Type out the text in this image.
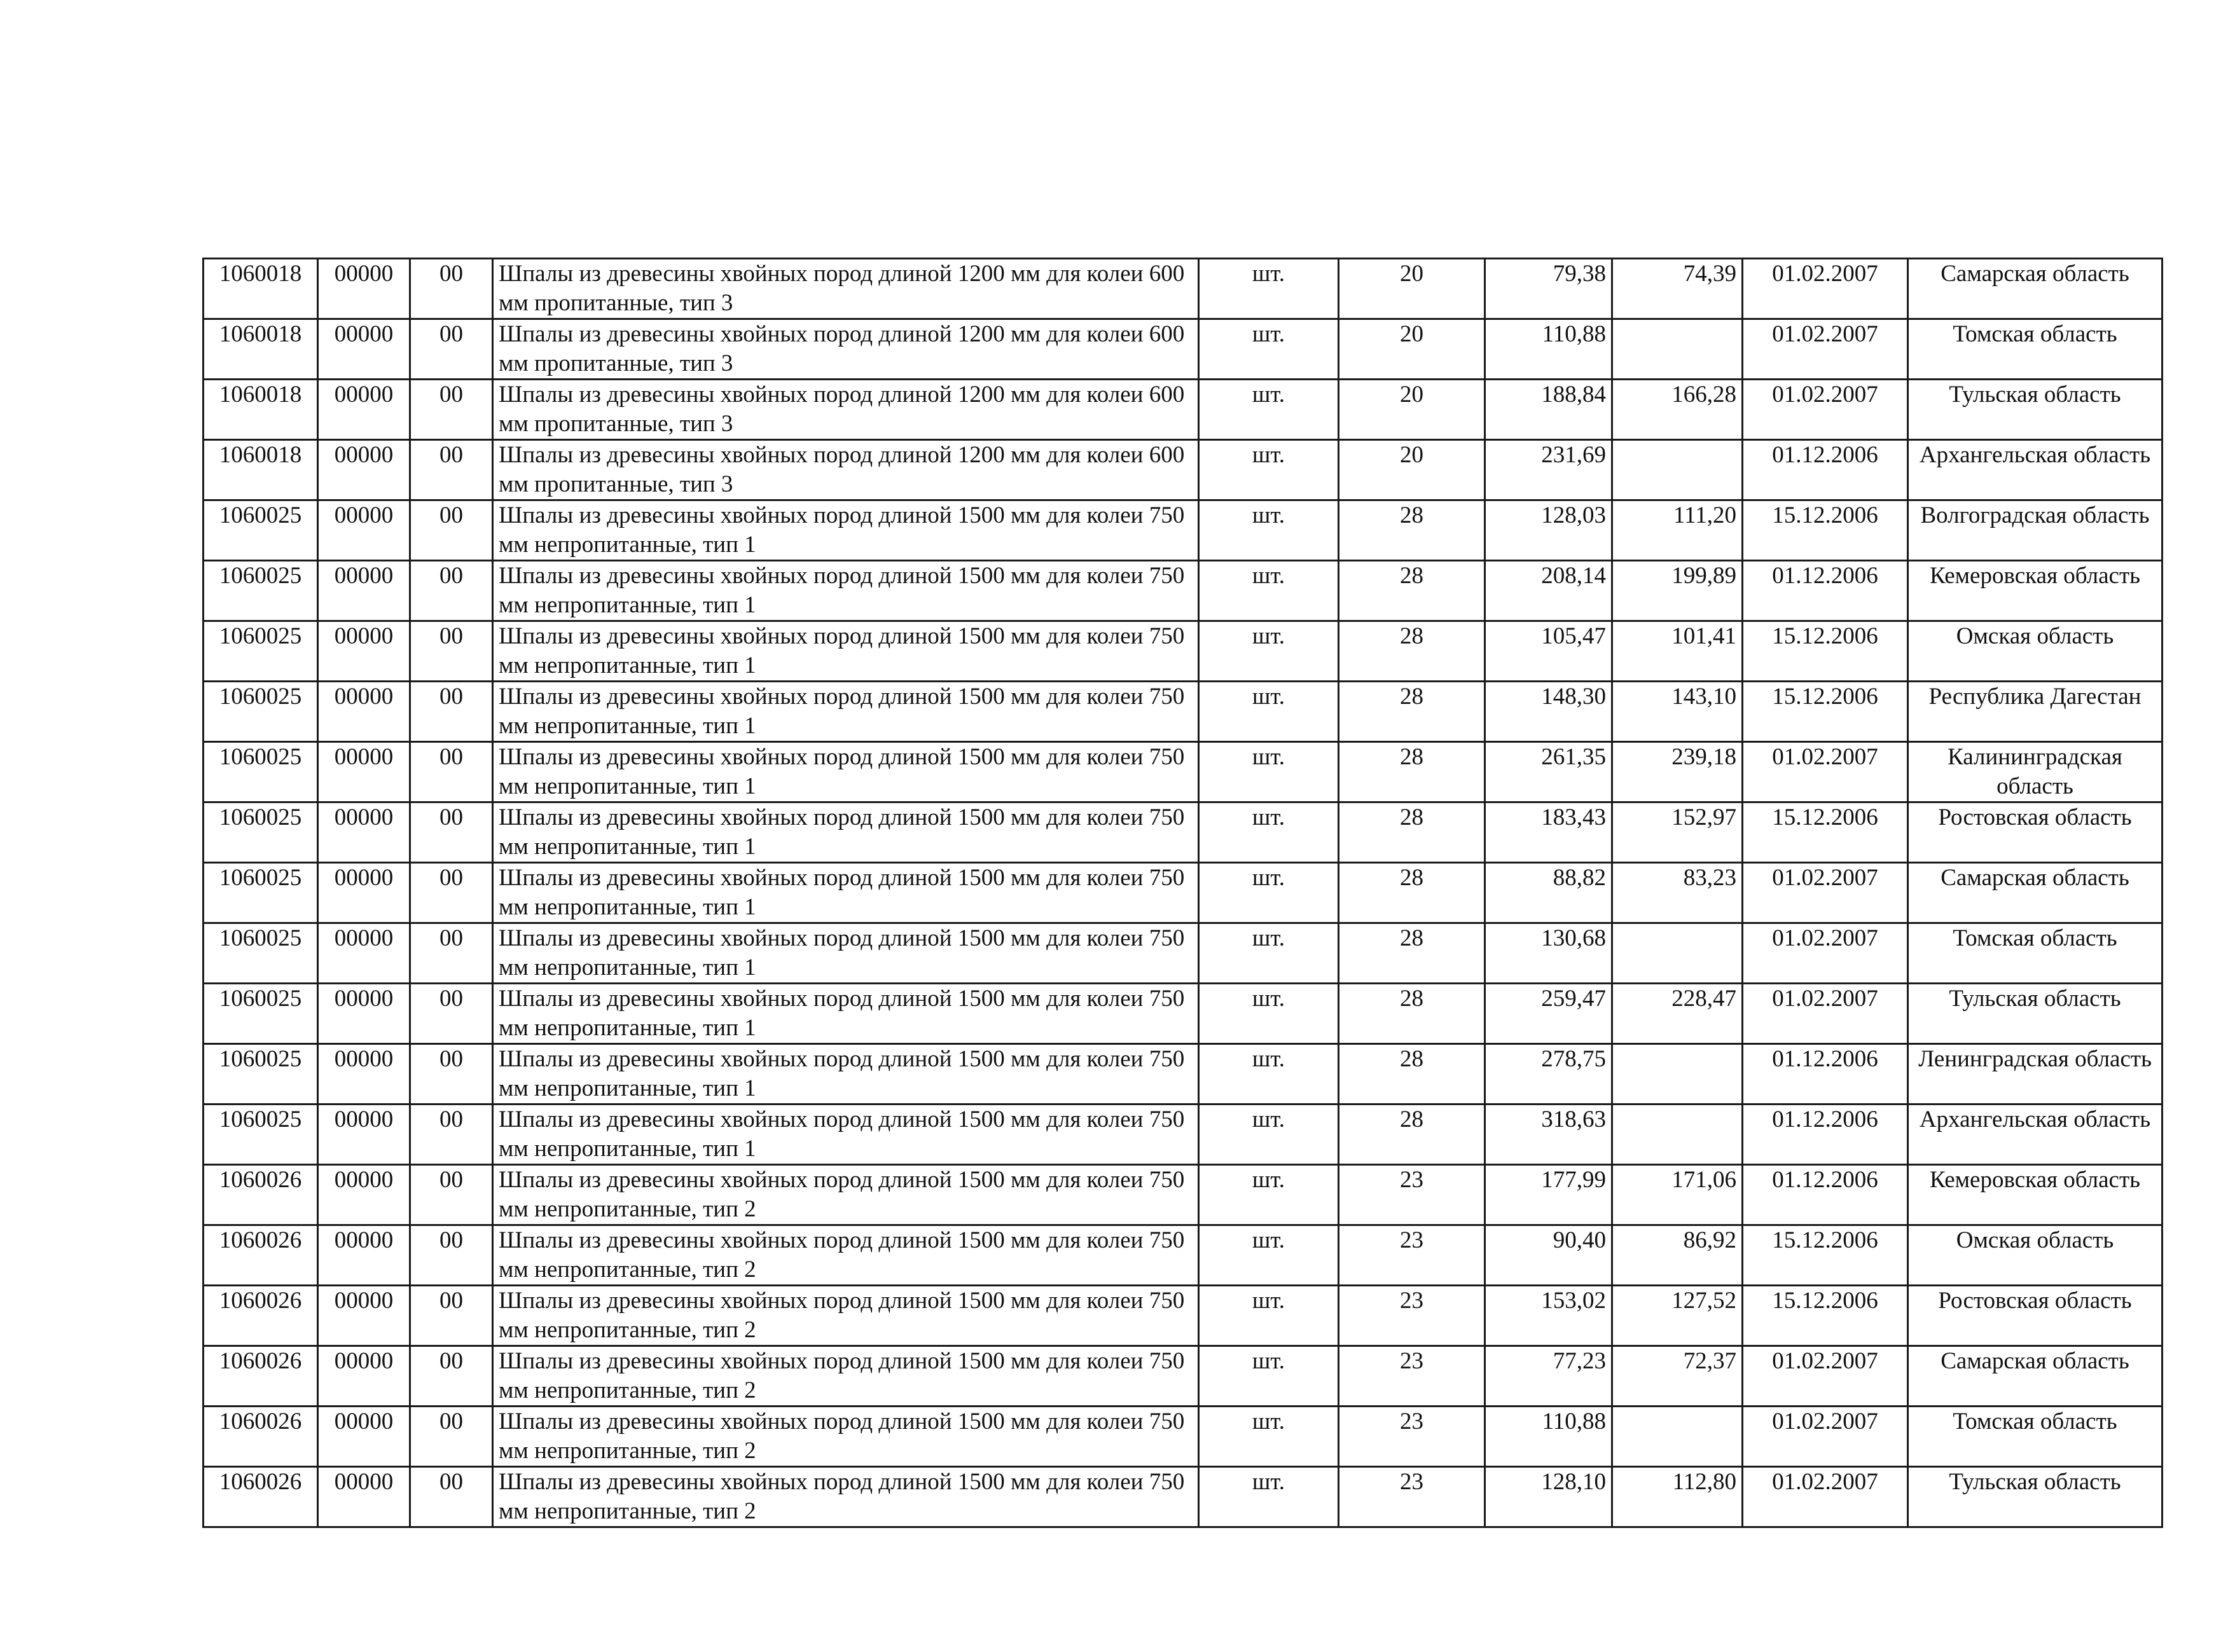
1060018	00000	00	Шпалы из древесины хвойных пород длиной 1200 мм для колеи 600 мм пропитанные, тип 3	шт.	20	79,38	74,39	01.02.2007	Самарская область
1060018	00000	00	Шпалы из древесины хвойных пород длиной 1200 мм для колеи 600 мм пропитанные, тип 3	шт.	20	110,88		01.02.2007	Томская область
1060018	00000	00	Шпалы из древесины хвойных пород длиной 1200 мм для колеи 600 мм пропитанные, тип 3	шт.	20	188,84	166,28	01.02.2007	Тульская область
1060018	00000	00	Шпалы из древесины хвойных пород длиной 1200 мм для колеи 600 мм пропитанные, тип 3	шт.	20	231,69		01.12.2006	Архангельская область
1060025	00000	00	Шпалы из древесины хвойных пород длиной 1500 мм для колеи 750 мм непропитанные, тип 1	шт.	28	128,03	111,20	15.12.2006	Волгоградская область
1060025	00000	00	Шпалы из древесины хвойных пород длиной 1500 мм для колеи 750 мм непропитанные, тип 1	шт.	28	208,14	199,89	01.12.2006	Кемеровская область
1060025	00000	00	Шпалы из древесины хвойных пород длиной 1500 мм для колеи 750 мм непропитанные, тип 1	шт.	28	105,47	101,41	15.12.2006	Омская область
1060025	00000	00	Шпалы из древесины хвойных пород длиной 1500 мм для колеи 750 мм непропитанные, тип 1	шт.	28	148,30	143,10	15.12.2006	Республика Дагестан
1060025	00000	00	Шпалы из древесины хвойных пород длиной 1500 мм для колеи 750 мм непропитанные, тип 1	шт.	28	261,35	239,18	01.02.2007	Калининградская область
1060025	00000	00	Шпалы из древесины хвойных пород длиной 1500 мм для колеи 750 мм непропитанные, тип 1	шт.	28	183,43	152,97	15.12.2006	Ростовская область
1060025	00000	00	Шпалы из древесины хвойных пород длиной 1500 мм для колеи 750 мм непропитанные, тип 1	шт.	28	88,82	83,23	01.02.2007	Самарская область
1060025	00000	00	Шпалы из древесины хвойных пород длиной 1500 мм для колеи 750 мм непропитанные, тип 1	шт.	28	130,68		01.02.2007	Томская область
1060025	00000	00	Шпалы из древесины хвойных пород длиной 1500 мм для колеи 750 мм непропитанные, тип 1	шт.	28	259,47	228,47	01.02.2007	Тульская область
1060025	00000	00	Шпалы из древесины хвойных пород длиной 1500 мм для колеи 750 мм непропитанные, тип 1	шт.	28	278,75		01.12.2006	Ленинградская область
1060025	00000	00	Шпалы из древесины хвойных пород длиной 1500 мм для колеи 750 мм непропитанные, тип 1	шт.	28	318,63		01.12.2006	Архангельская область
1060026	00000	00	Шпалы из древесины хвойных пород длиной 1500 мм для колеи 750 мм непропитанные, тип 2	шт.	23	177,99	171,06	01.12.2006	Кемеровская область
1060026	00000	00	Шпалы из древесины хвойных пород длиной 1500 мм для колеи 750 мм непропитанные, тип 2	шт.	23	90,40	86,92	15.12.2006	Омская область
1060026	00000	00	Шпалы из древесины хвойных пород длиной 1500 мм для колеи 750 мм непропитанные, тип 2	шт.	23	153,02	127,52	15.12.2006	Ростовская область
1060026	00000	00	Шпалы из древесины хвойных пород длиной 1500 мм для колеи 750 мм непропитанные, тип 2	шт.	23	77,23	72,37	01.02.2007	Самарская область
1060026	00000	00	Шпалы из древесины хвойных пород длиной 1500 мм для колеи 750 мм непропитанные, тип 2	шт.	23	110,88		01.02.2007	Томская область
1060026	00000	00	Шпалы из древесины хвойных пород длиной 1500 мм для колеи 750 мм непропитанные, тип 2	шт.	23	128,10	112,80	01.02.2007	Тульская область
